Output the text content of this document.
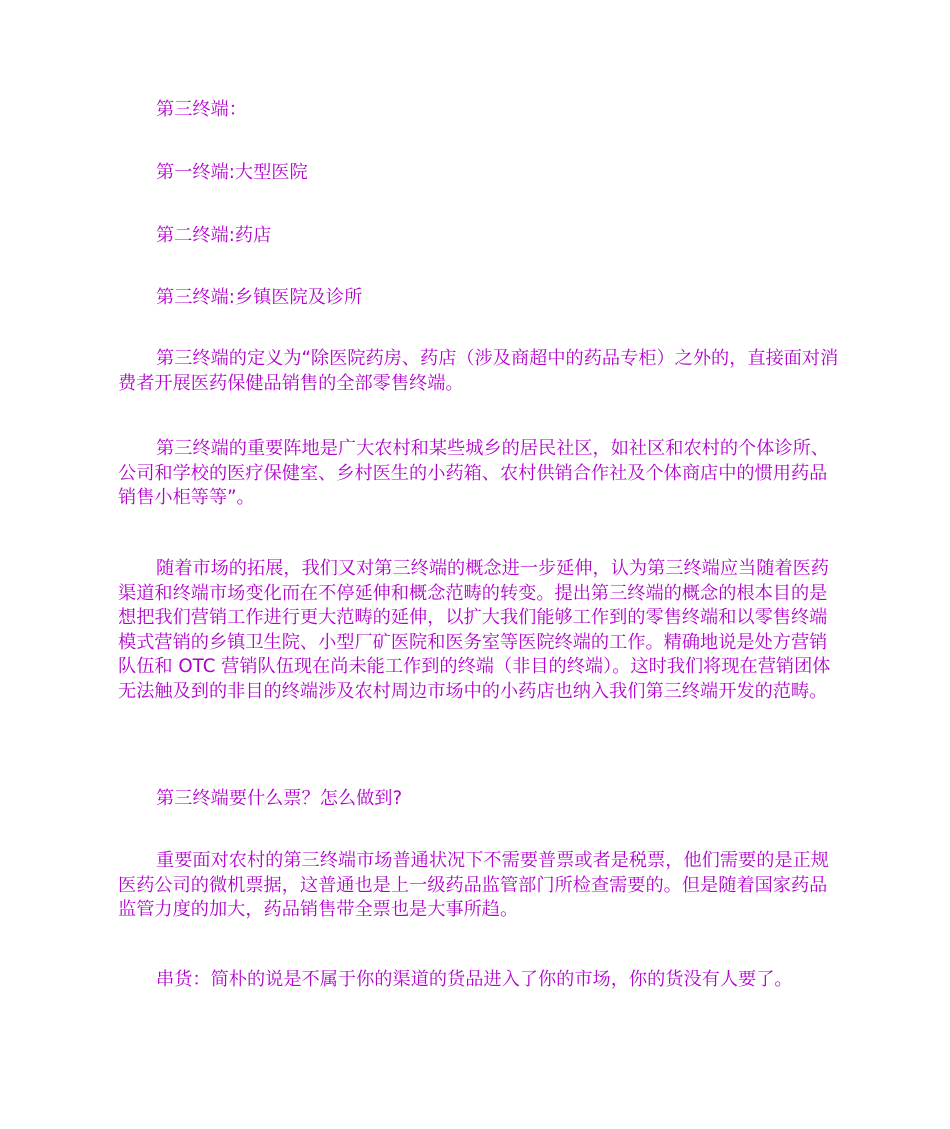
第三终端：

第一终端:大型医院

第二终端:药店

第三终端:乡镇医院及诊所

第三终端的定义为“除医院药房、药店（涉及商超中的药品专柜）之外的，直接面对消费者开展医药保健品销售的全部零售终端。

第三终端的重要阵地是广大农村和某些城乡的居民社区，如社区和农村的个体诊所、公司和学校的医疗保健室、乡村医生的小药箱、农村供销合作社及个体商店中的惯用药品销售小柜等等”。

随着市场的拓展，我们又对第三终端的概念进一步延伸，认为第三终端应当随着医药渠道和终端市场变化而在不停延伸和概念范畴的转变。提出第三终端的概念的根本目的是想把我们营销工作进行更大范畴的延伸，以扩大我们能够工作到的零售终端和以零售终端模式营销的乡镇卫生院、小型厂矿医院和医务室等医院终端的工作。精确地说是处方营销队伍和 OTC 营销队伍现在尚未能工作到的终端（非目的终端）。这时我们将现在营销团体无法触及到的非目的终端涉及农村周边市场中的小药店也纳入我们第三终端开发的范畴。

第三终端要什么票？怎么做到?

重要面对农村的第三终端市场普通状况下不需要普票或者是税票，他们需要的是正规医药公司的微机票据，这普通也是上一级药品监管部门所检查需要的。但是随着国家药品监管力度的加大，药品销售带全票也是大事所趋。

串货：简朴的说是不属于你的渠道的货品进入了你的市场，你的货没有人要了。
